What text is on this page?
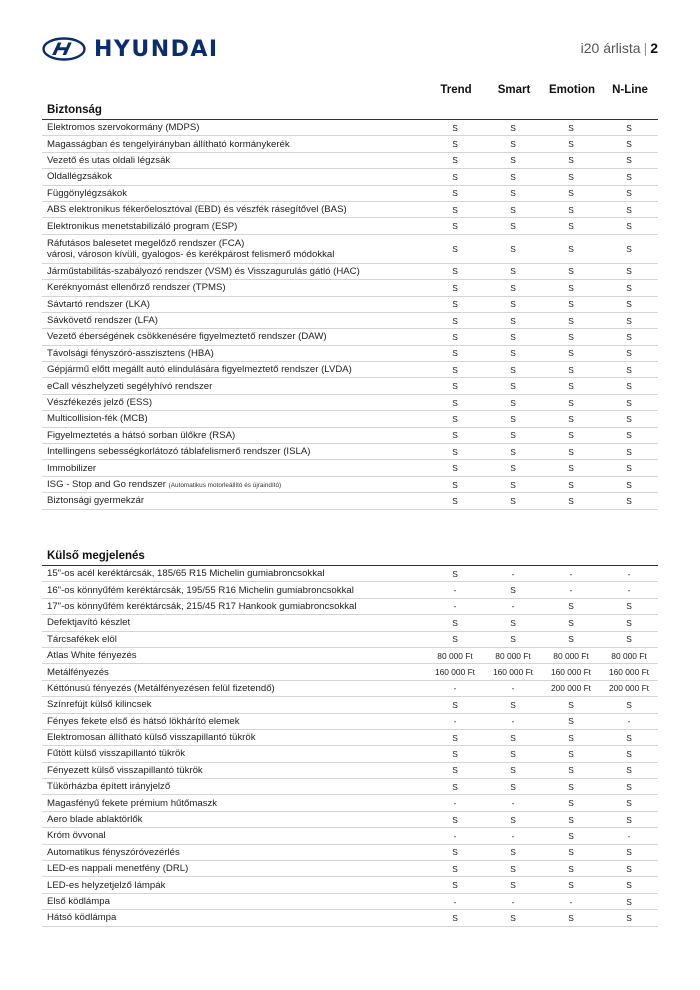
HYUNDAI	i20 árlista | 2
Trend	Smart	Emotion	N-Line
Biztonság
Elektromos szervokormány (MDPS)	S	S	S	S
Magasságban és tengelyirányban állítható kormánykerék	S	S	S	S
Vezető és utas oldali légzsák	S	S	S	S
Oldallégzsákok	S	S	S	S
Függönylégzsákok	S	S	S	S
ABS elektronikus fékerőelosztóval (EBD) és vészfék rásegítővel (BAS)	S	S	S	S
Elektronikus menetstabilizáló program (ESP)	S	S	S	S
Ráfutásos balesetet megelőző rendszer (FCA)
városi, városon kívüli, gyalogos- és kerékpárost felismerő módokkal	S	S	S	S
Járműstabilitás-szabályozó rendszer (VSM) és Visszagurulás gátló (HAC)	S	S	S	S
Keréknyomást ellenőrző rendszer (TPMS)	S	S	S	S
Sávtartó rendszer (LKA)	S	S	S	S
Sávkövető rendszer (LFA)	S	S	S	S
Vezető éberségének csökkenésére figyelmeztető rendszer (DAW)	S	S	S	S
Távolsági fényszóró-asszisztens (HBA)	S	S	S	S
Gépjármű előtt megállt autó elindulására figyelmeztető rendszer (LVDA)	S	S	S	S
eCall vészhelyzeti segélyhívó rendszer	S	S	S	S
Vészfékezés jelző (ESS)	S	S	S	S
Multicollision-fék (MCB)	S	S	S	S
Figyelmeztetés a hátsó sorban ülőkre (RSA)	S	S	S	S
Intellingens sebességkorlátozó táblafelismerő rendszer (ISLA)	S	S	S	S
Immobilizer	S	S	S	S
ISG - Stop and Go rendszer (Automatikus motorleállító és újraindító)	S	S	S	S
Biztonsági gyermekzár	S	S	S	S
Külső megjelenés
15"-os acél keréktárcsák, 185/65 R15 Michelin gumiabroncsokkal	S	-	-	-
16"-os könnyűfém keréktárcsák, 195/55 R16 Michelin gumiabroncsokkal	-	S	-	-
17"-os könnyűfém keréktárcsák, 215/45 R17 Hankook gumiabroncsokkal	-	-	S	S
Defektjavító készlet	S	S	S	S
Tárcsafékek elöl	S	S	S	S
Atlas White fényezés	80 000 Ft	80 000 Ft	80 000 Ft	80 000 Ft
Metálfényezés	160 000 Ft	160 000 Ft	160 000 Ft	160 000 Ft
Kéttónusú fényezés (Metálfényezésen felül fizetendő)	-	-	200 000 Ft	200 000 Ft
Színrefújt külső kilincsek	S	S	S	S
Fényes fekete első és hátsó lökhárító elemek	-	-	S	-
Elektromosan állítható külső visszapillantó tükrök	S	S	S	S
Fűtött külső visszapillantó tükrök	S	S	S	S
Fényezett külső visszapillantó tükrök	S	S	S	S
Tükörházba épített irányjelző	S	S	S	S
Magasfényű fekete prémium hűtőmaszk	-	-	S	S
Aero blade ablaktörlők	S	S	S	S
Króm övvonal	-	-	S	-
Automatikus fényszóróvezérlés	S	S	S	S
LED-es nappali menetfény (DRL)	S	S	S	S
LED-es helyzetjelző lámpák	S	S	S	S
Első ködlámpa	-	-	-	S
Hátsó ködlámpa	S	S	S	S
